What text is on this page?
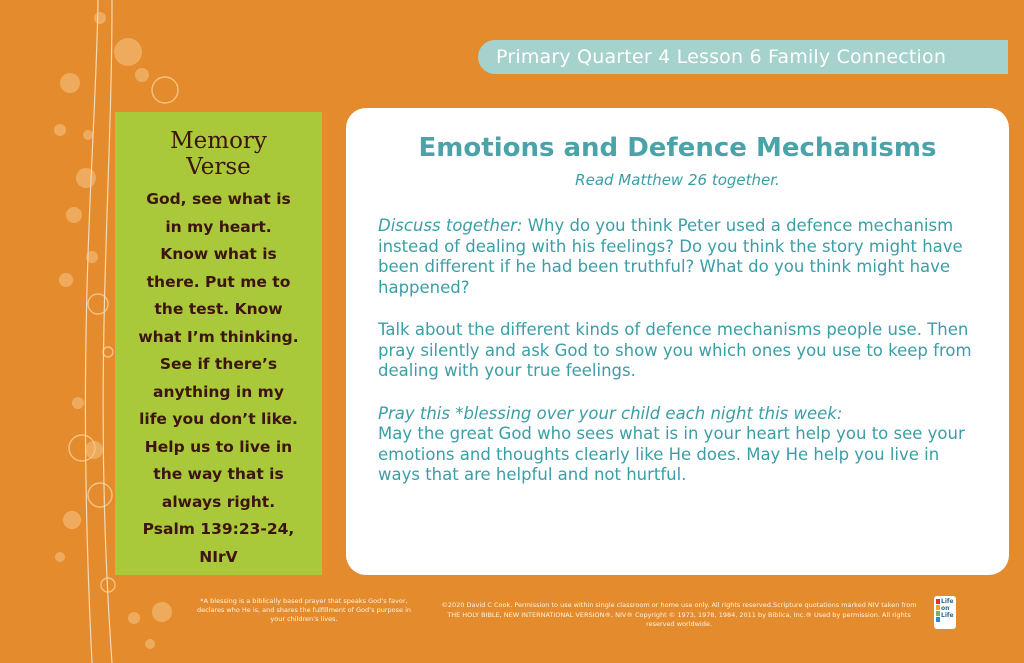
Primary Quarter 4 Lesson 6 Family Connection
Memory
Verse
God, see what is
in my heart.
Know what is
there. Put me to
the test. Know
what I’m thinking.
See if there’s
anything in my
life you don’t like.
Help us to live in
the way that is
always right.
Psalm 139:23-24,
NIrV
Emotions and Defence Mechanisms
Read Matthew 26 together.

Discuss together: Why do you think Peter used a defence mechanism instead of dealing with his feelings? Do you think the story might have been different if he had been truthful? What do you think might have happened?

Talk about the different kinds of defence mechanisms people use. Then pray silently and ask God to show you which ones you use to keep from dealing with your true feelings.

Pray this *blessing over your child each night this week:
May the great God who sees what is in your heart help you to see your emotions and thoughts clearly like He does. May He help you live in ways that are helpful and not hurtful.
*A blessing is a biblically based prayer that speaks God’s favor, declares who He is, and shares the fulfillment of God’s purpose in your children’s lives.
©2020 David C Cook. Permission to use within single classroom or home use only. All rights reserved.Scripture quotations marked NIV taken from THE HOLY BIBLE, NEW INTERNATIONAL VERSION®, NIV® Copyright © 1973, 1978, 1984, 2011 by Biblica, Inc.® Used by permission. All rights reserved worldwide.
Life
on
Life
